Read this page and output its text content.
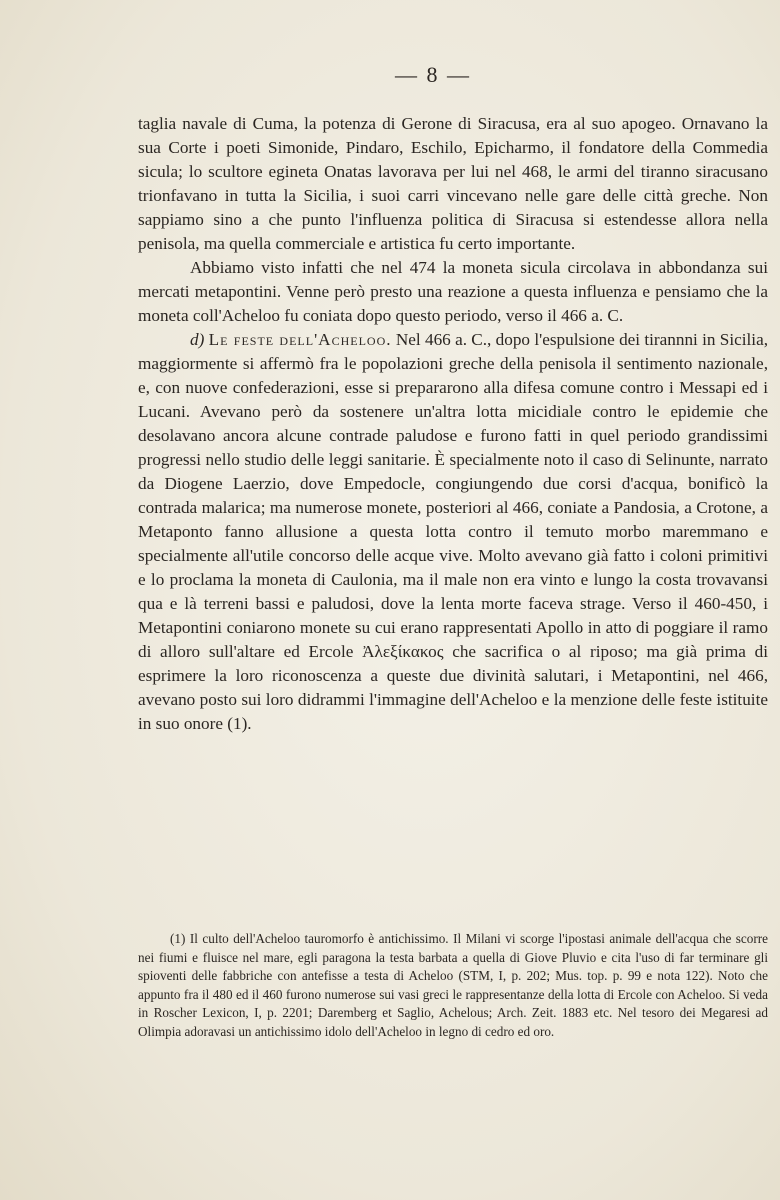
— 8 —

taglia navale di Cuma, la potenza di Gerone di Siracusa, era al suo apogeo. Ornavano la sua Corte i poeti Simonide, Pindaro, Eschilo, Epicharmo, il fondatore della Commedia sicula; lo scultore egineta Onatas lavorava per lui nel 468, le armi del tiranno siracusano trionfavano in tutta la Sicilia, i suoi carri vincevano nelle gare delle città greche. Non sappiamo sino a che punto l'influenza politica di Siracusa si estendesse allora nella penisola, ma quella commerciale e artistica fu certo importante.

Abbiamo visto infatti che nel 474 la moneta sicula circolava in abbondanza sui mercati metapontini. Venne però presto una reazione a questa influenza e pensiamo che la moneta coll'Acheloo fu coniata dopo questo periodo, verso il 466 a. C.

d) Le feste dell'Acheloo. Nel 466 a. C., dopo l'espulsione dei tirannni in Sicilia, maggiormente si affermò fra le popolazioni greche della penisola il sentimento nazionale, e, con nuove confederazioni, esse si prepararono alla difesa comune contro i Messapi ed i Lucani. Avevano però da sostenere un'altra lotta micidiale contro le epidemie che desolavano ancora alcune contrade paludose e furono fatti in quel periodo grandissimi progressi nello studio delle leggi sanitarie. È specialmente noto il caso di Selinunte, narrato da Diogene Laerzio, dove Empedocle, congiungendo due corsi d'acqua, bonificò la contrada malarica; ma numerose monete, posteriori al 466, coniate a Pandosia, a Crotone, a Metaponto fanno allusione a questa lotta contro il temuto morbo maremmano e specialmente all'utile concorso delle acque vive. Molto avevano già fatto i coloni primitivi e lo proclama la moneta di Caulonia, ma il male non era vinto e lungo la costa trovavansi qua e là terreni bassi e paludosi, dove la lenta morte faceva strage. Verso il 460-450, i Metapontini coniarono monete su cui erano rappresentati Apollo in atto di poggiare il ramo di alloro sull'altare ed Ercole Ἀλεξίκακος che sacrifica o al riposo; ma già prima di esprimere la loro riconoscenza a queste due divinità salutari, i Metapontini, nel 466, avevano posto sui loro didrammi l'immagine dell'Acheloo e la menzione delle feste istituite in suo onore (1).

(1) Il culto dell'Acheloo tauromorfo è antichissimo. Il Milani vi scorge l'ipostasi animale dell'acqua che scorre nei fiumi e fluisce nel mare, egli paragona la testa barbata a quella di Giove Pluvio e cita l'uso di far terminare gli spioventi delle fabbriche con antefisse a testa di Acheloo (STM, I, p. 202; Mus. top. p. 99 e nota 122). Noto che appunto fra il 480 ed il 460 furono numerose sui vasi greci le rappresentanze della lotta di Ercole con Acheloo. Si veda in Roscher Lexicon, I, p. 2201; Daremberg et Saglio, Achelous; Arch. Zeit. 1883 etc. Nel tesoro dei Megaresi ad Olimpia adoravasi un antichissimo idolo dell'Acheloo in legno di cedro ed oro.
